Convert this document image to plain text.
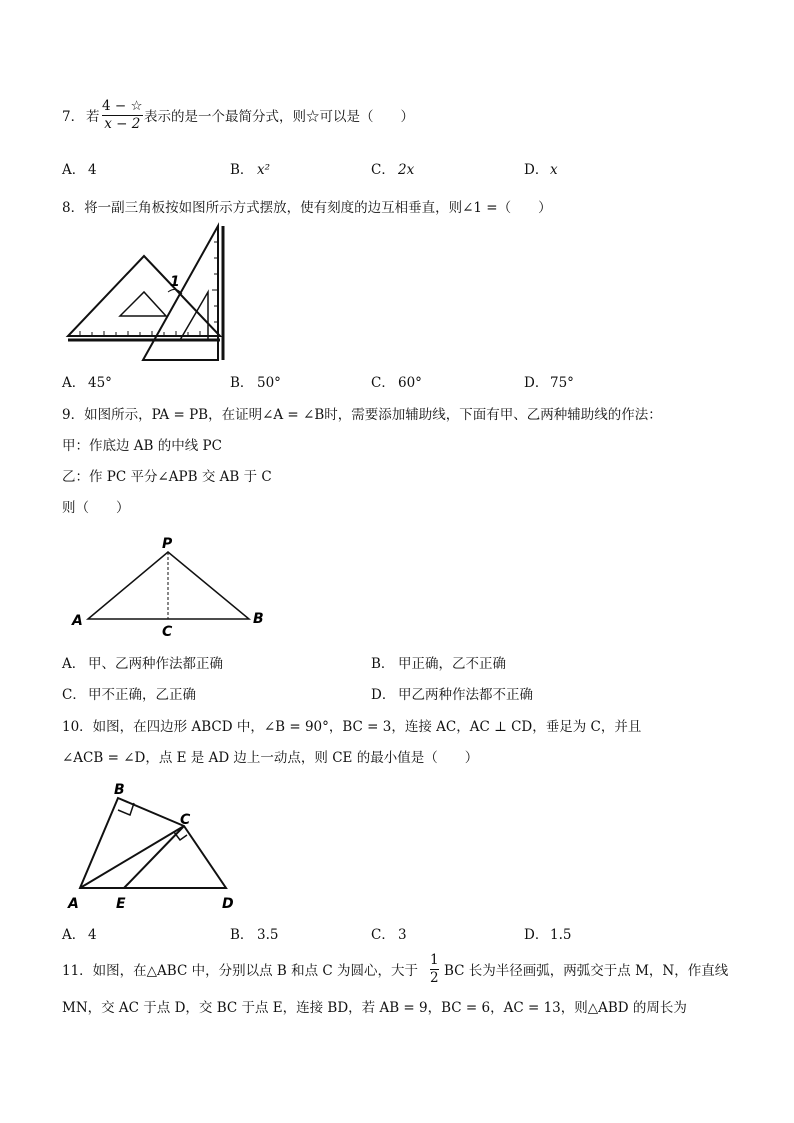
7． 若
4 − ☆
x − 2 表示的是一个最简分式，则☆可以是（　　）
A． 4	B． x²	C． 2x	D． x
8．将一副三角板按如图所示方式摆放，使有刻度的边互相垂直，则∠1 =（　　）
1
A． 45°	B． 50°	C． 60°	D． 75°
9．如图所示，PA = PB，在证明∠A = ∠B时，需要添加辅助线，下面有甲、乙两种辅助线的作法：
甲：作底边 AB 的中线 PC
乙：作 PC 平分∠APB 交 AB 于 C
则（　　）
P
A	B
C
A． 甲、乙两种作法都正确	B． 甲正确，乙不正确
C． 甲不正确，乙正确	D． 甲乙两种作法都不正确
10．如图，在四边形 ABCD 中，∠B = 90°，BC = 3，连接 AC，AC ⊥ CD，垂足为 C，并且
∠ACB = ∠D，点 E 是 AD 边上一动点，则 CE 的最小值是（　　）
B
C
A	E	D
A． 4	B． 3.5	C． 3	D． 1.5
11．如图，在△ABC 中，分别以点 B 和点 C 为圆心，大于
1
2 BC 长为半径画弧，两弧交于点 M，N，作直线
MN，交 AC 于点 D，交 BC 于点 E，连接 BD，若 AB = 9，BC = 6，AC = 13，则△ABD 的周长为
